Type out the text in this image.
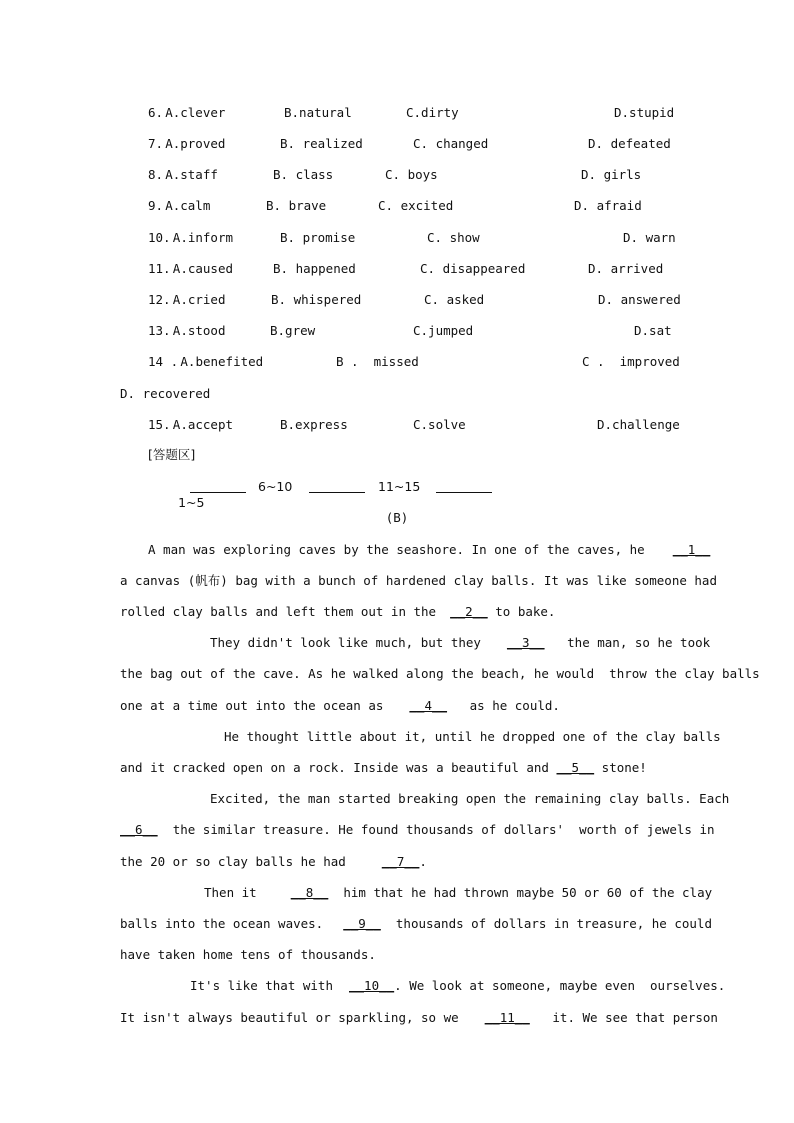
6. A.clever	B.natural	C.dirty	D.stupid
7. A.proved	B. realized	C. changed	D. defeated
8. A.staff	B. class	C. boys	D. girls
9. A.calm	B. brave	C. excited	D. afraid
10. A.inform	B. promise	C. show	D. warn
11. A.caused	B. happened	C. disappeared	D. arrived
12. A.cried	B. whispered	C. asked	D. answered
13. A.stood	B.grew	C.jumped	D.sat
14 . A.benefited	B .  missed	C .  improved
D. recovered
15. A.accept	B.express	C.solve	D.challenge
[答题区]

1~5

6~10	11~15
(B)
A man was exploring caves by the seashore. In one of the caves, he __1__
a canvas (帆布) bag with a bunch of hardened clay balls. It was like someone had
rolled clay balls and left them out in the __2__ to bake.
They didn't look like much, but they __3__   the man, so he took
the bag out of the cave. As he walked along the beach, he would  throw the clay balls
one at a time out into the ocean as __4__   as he could.
He thought little about it, until he dropped one of the clay balls
and it cracked open on a rock. Inside was a beautiful and __5__ stone!
Excited, the man started breaking open the remaining clay balls. Each
__6__  the similar treasure. He found thousands of dollars'  worth of jewels in
the 20 or so clay balls he had	__7__.
Then it	__8__  him that he had thrown maybe 50 or 60 of the clay
balls into the ocean waves. __9__  thousands of dollars in treasure, he could
have taken home tens of thousands.
It's like that with __10__. We look at someone, maybe even  ourselves.
It isn't always beautiful or sparkling, so we __11__   it. We see that person
